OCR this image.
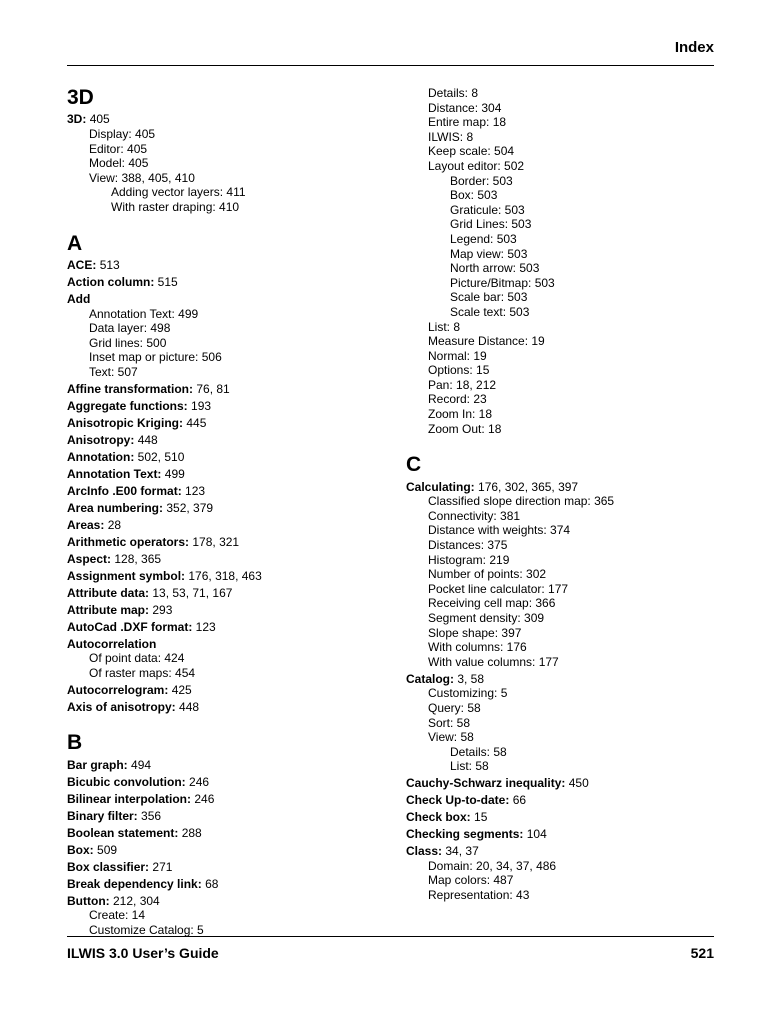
Index
3D
3D: 405
Display: 405
Editor: 405
Model: 405
View: 388, 405, 410
Adding vector layers: 411
With raster draping: 410
A
ACE: 513
Action column: 515
Add
Annotation Text: 499
Data layer: 498
Grid lines: 500
Inset map or picture: 506
Text: 507
Affine transformation: 76, 81
Aggregate functions: 193
Anisotropic Kriging: 445
Anisotropy: 448
Annotation: 502, 510
Annotation Text: 499
ArcInfo .E00 format: 123
Area numbering: 352, 379
Areas: 28
Arithmetic operators: 178, 321
Aspect: 128, 365
Assignment symbol: 176, 318, 463
Attribute data: 13, 53, 71, 167
Attribute map: 293
AutoCad .DXF format: 123
Autocorrelation
Of point data: 424
Of raster maps: 454
Autocorrelogram: 425
Axis of anisotropy: 448
B
Bar graph: 494
Bicubic convolution: 246
Bilinear interpolation: 246
Binary filter: 356
Boolean statement: 288
Box: 509
Box classifier: 271
Break dependency link: 68
Button: 212, 304
Create: 14
Customize Catalog: 5
Details: 8
Distance: 304
Entire map: 18
ILWIS: 8
Keep scale: 504
Layout editor: 502
Border: 503
Box: 503
Graticule: 503
Grid Lines: 503
Legend: 503
Map view: 503
North arrow: 503
Picture/Bitmap: 503
Scale bar: 503
Scale text: 503
List: 8
Measure Distance: 19
Normal: 19
Options: 15
Pan: 18, 212
Record: 23
Zoom In: 18
Zoom Out: 18
C
Calculating: 176, 302, 365, 397
Classified slope direction map: 365
Connectivity: 381
Distance with weights: 374
Distances: 375
Histogram: 219
Number of points: 302
Pocket line calculator: 177
Receiving cell map: 366
Segment density: 309
Slope shape: 397
With columns: 176
With value columns: 177
Catalog: 3, 58
Customizing: 5
Query: 58
Sort: 58
View: 58
Details: 58
List: 58
Cauchy-Schwarz inequality: 450
Check Up-to-date: 66
Check box: 15
Checking segments: 104
Class: 34, 37
Domain: 20, 34, 37, 486
Map colors: 487
Representation: 43
ILWIS 3.0 User’s Guide	521
